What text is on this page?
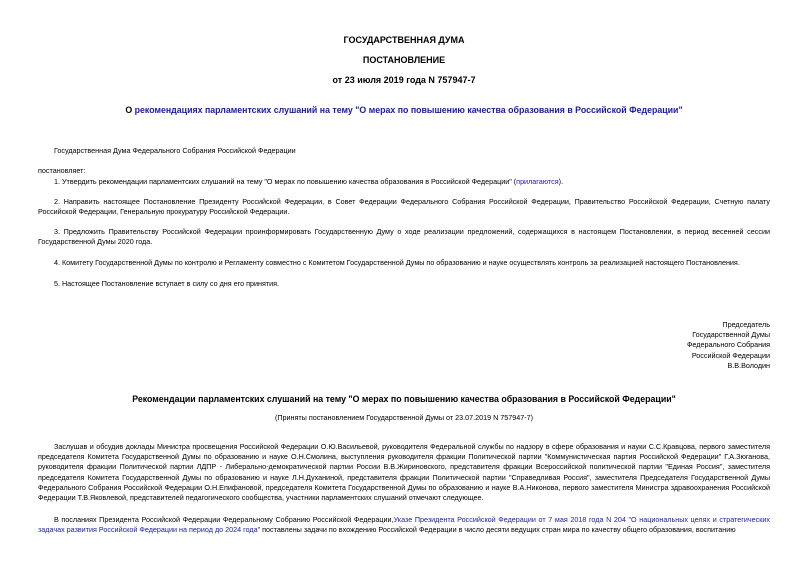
ГОСУДАРСТВЕННАЯ ДУМА
ПОСТАНОВЛЕНИЕ
от 23 июля 2019 года N 757947-7
О рекомендациях парламентских слушаний на тему "О мерах по повышению качества образования в Российской Федерации"
Государственная Дума Федерального Собрания Российской Федерации
постановляет:
1. Утвердить рекомендации парламентских слушаний на тему "О мерах по повышению качества образования в Российской Федерации" (прилагаются).
2. Направить настоящее Постановление Президенту Российской Федерации, в Совет Федерации Федерального Собрания Российской Федерации, Правительство Российской Федерации, Счетную палату Российской Федерации, Генеральную прокуратуру Российской Федерации.
3. Предложить Правительству Российской Федерации проинформировать Государственную Думу о ходе реализации предложений, содержащихся в настоящем Постановлении, в период весенней сессии Государственной Думы 2020 года.
4. Комитету Государственной Думы по контролю и Регламенту совместно с Комитетом Государственной Думы по образованию и науке осуществлять контроль за реализацией настоящего Постановления.
5. Настоящее Постановление вступает в силу со дня его принятия.
Председатель
Государственной Думы
Федерального Собрания
Российской Федерации
В.В.Володин
Рекомендации парламентских слушаний на тему "О мерах по повышению качества образования в Российской Федерации"
(Приняты постановлением Государственной Думы от 23.07.2019 N 757947-7)
Заслушав и обсудив доклады Министра просвещения Российской Федерации О.Ю.Васильевой, руководителя Федеральной службы по надзору в сфере образования и науки С.С.Кравцова, первого заместителя председателя Комитета Государственной Думы по образованию и науке О.Н.Смолина, выступления руководителя фракции Политической партии "Коммунистическая партия Российской Федерации" Г.А.Зюганова, руководителя фракции Политической партии ЛДПР - Либерально-демократической партии России В.В.Жириновского, представителя фракции Всероссийской политической партии "Единая Россия", заместителя председателя Комитета Государственной Думы по образованию и науке Л.Н.Духаниной, представителя фракции Политической партии "Справедливая Россия", заместителя Председателя Государственной Думы Федерального Собрания Российской Федерации О.Н.Епифановой, председателя Комитета Государственной Думы по образованию и науке В.А.Никонова, первого заместителя Министра здравоохранения Российской Федерации Т.В.Яковлевой, представителей педагогического сообщества, участники парламентских слушаний отмечают следующее.
В посланиях Президента Российской Федерации Федеральному Собранию Российской Федерации,Указе Президента Российской Федерации от 7 мая 2018 года N 204 "О национальных целях и стратегических задачах развития Российской Федерации на период до 2024 года" поставлены задачи по вхождению Российской Федерации в число десяти ведущих стран мира по качеству общего образования, воспитанию
